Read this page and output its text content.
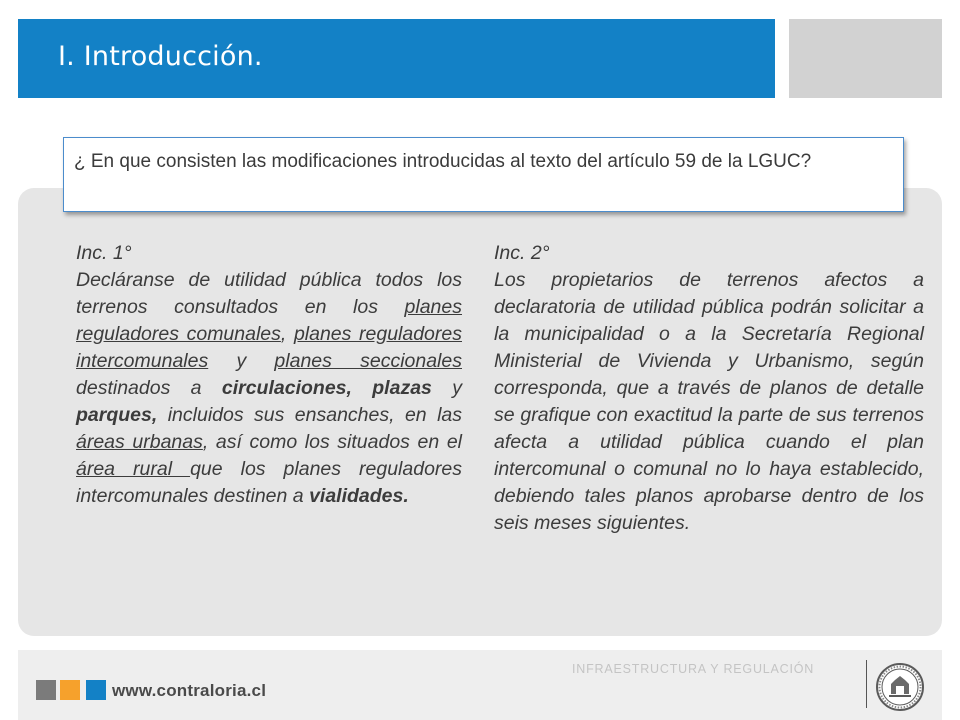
I. Introducción.
¿ En que consisten las modificaciones introducidas al texto del artículo 59 de la LGUC?

Inc. 1°

Decláranse de utilidad pública todos los terrenos consultados en los planes reguladores comunales, planes reguladores intercomunales y planes seccionales destinados a circulaciones, plazas y parques, incluidos sus ensanches, en las áreas urbanas, así como los situados en el área rural que los planes reguladores intercomunales destinen a vialidades.

Inc. 2°

Los propietarios de terrenos afectos a declaratoria de utilidad pública podrán solicitar a la municipalidad o a la Secretaría Regional Ministerial de Vivienda y Urbanismo, según corresponda, que a través de planos de detalle se grafique con exactitud la parte de sus terrenos afecta a utilidad pública cuando el plan intercomunal o comunal no lo haya establecido, debiendo tales planos aprobarse dentro de los seis meses siguientes.

www.contraloria.cl
INFRAESTRUCTURA Y REGULACIÓN
